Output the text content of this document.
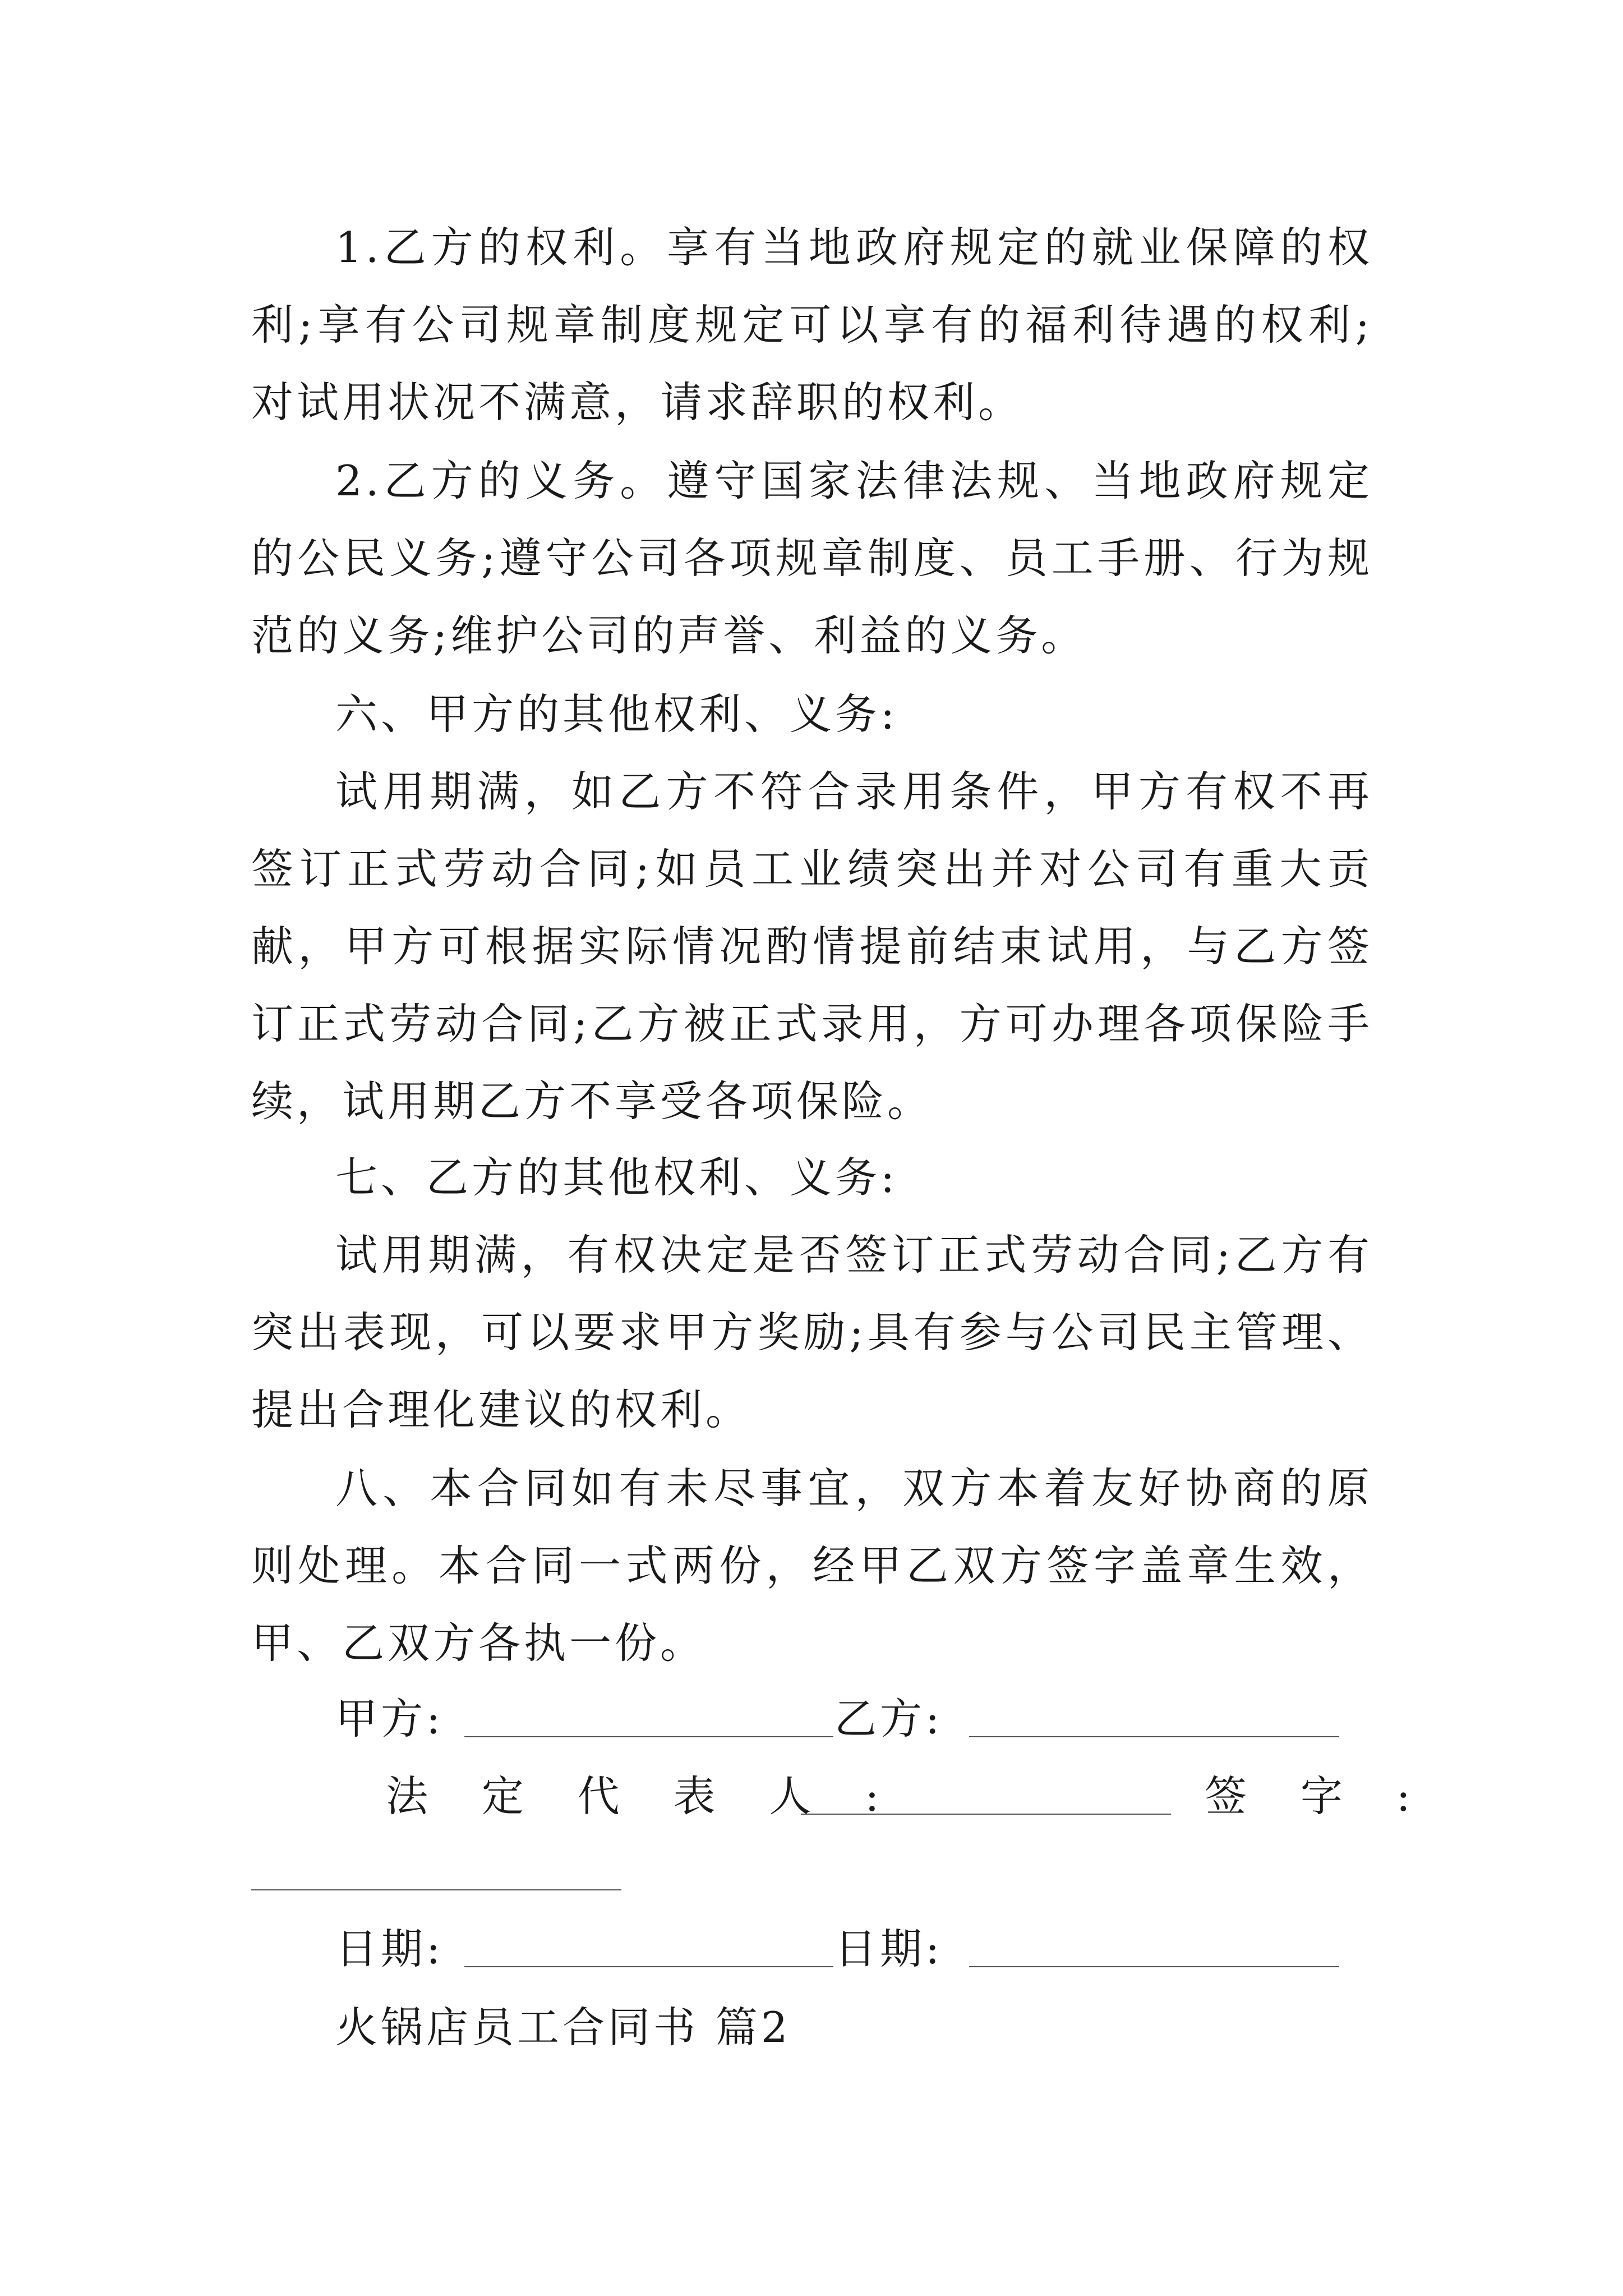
1.乙方的权利。享有当地政府规定的就业保障的权利;享有公司规章制度规定可以享有的福利待遇的权利;对试用状况不满意，请求辞职的权利。

2.乙方的义务。遵守国家法律法规、当地政府规定的公民义务;遵守公司各项规章制度、员工手册、行为规范的义务;维护公司的声誉、利益的义务。

六、甲方的其他权利、义务:

试用期满，如乙方不符合录用条件，甲方有权不再签订正式劳动合同;如员工业绩突出并对公司有重大贡献，甲方可根据实际情况酌情提前结束试用，与乙方签订正式劳动合同;乙方被正式录用，方可办理各项保险手续，试用期乙方不享受各项保险。

七、乙方的其他权利、义务:

试用期满，有权决定是否签订正式劳动合同;乙方有突出表现，可以要求甲方奖励;具有参与公司民主管理、提出合理化建议的权利。

八、本合同如有未尽事宜，双方本着友好协商的原则处理。本合同一式两份，经甲乙双方签字盖章生效，甲、乙双方各执一份。

甲方:	乙方:
法 定 代 表 人 :	签 字 :
日期:	日期:
火锅店员工合同书 篇2
